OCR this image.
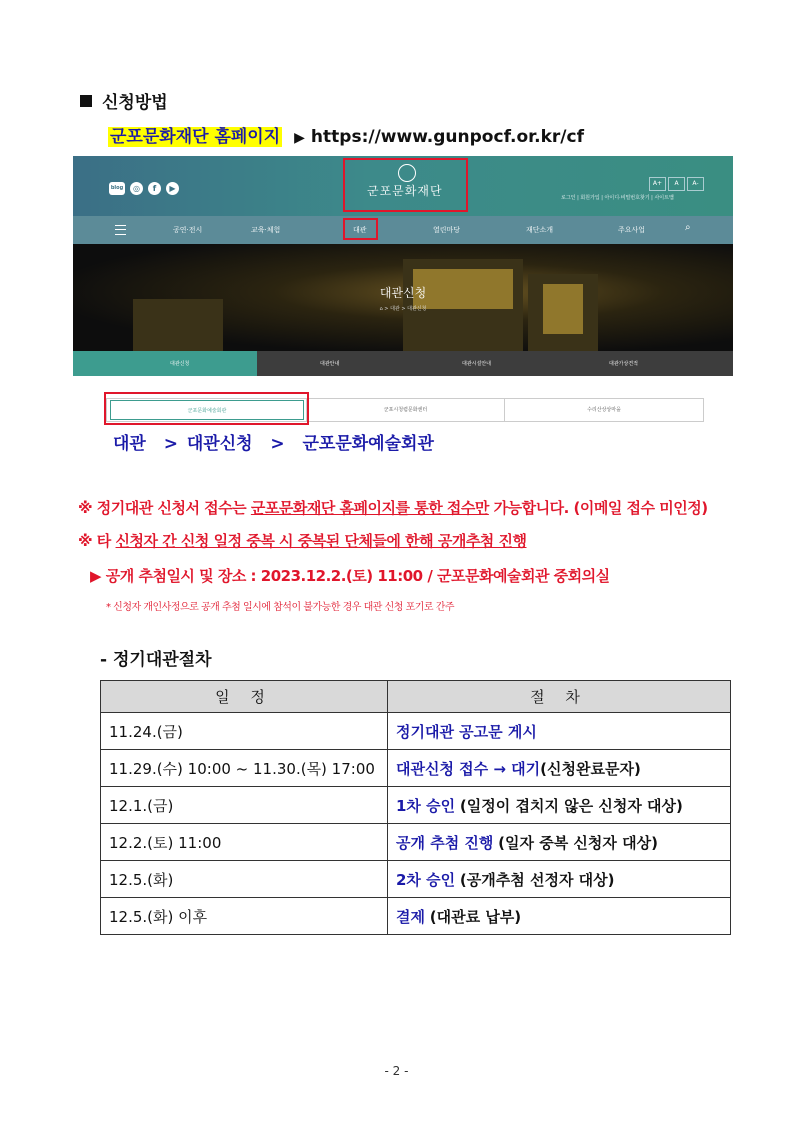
신청방법
군포문화재단 홈페이지 ▶ https://www.gunpocf.or.kr/cf
blog	◎	f	▶	군포문화재단
A+ A A-
로그인 | 회원가입 | 아이디·비밀번호찾기 | 사이트맵
공연·전시	교육·체험	대관	열린마당	재단소개	주요사업	⌕
대관신청
⌂ > 대관 > 대관신청
대관신청	대관안내	대관시설안내	대관가상견적
군포문화예술회관	군포시청렴문화센터	수리산상상마을
대관  > 대관신청  >  군포문화예술회관
※ 정기대관 신청서 접수는 군포문화재단 홈페이지를 통한 접수만 가능합니다. (이메일 접수 미인정)
※ 타 신청자 간 신청 일정 중복 시 중복된 단체들에 한해 공개추첨 진행
▶ 공개 추첨일시 및 장소 : 2023.12.2.(토) 11:00 / 군포문화예술회관 중회의실
* 신청자 개인사정으로 공개 추첨 일시에 참석이 불가능한 경우 대관 신청 포기로 간주
- 정기대관절차
일 정	절 차
11.24.(금)	정기대관 공고문 게시
11.29.(수) 10:00 ~ 11.30.(목) 17:00	대관신청 접수 → 대기(신청완료문자)
12.1.(금)	1차 승인 (일정이 겹치지 않은 신청자 대상)
12.2.(토) 11:00	공개 추첨 진행 (일자 중복 신청자 대상)
12.5.(화)	2차 승인 (공개추첨 선정자 대상)
12.5.(화) 이후	결제 (대관료 납부)
- 2 -
